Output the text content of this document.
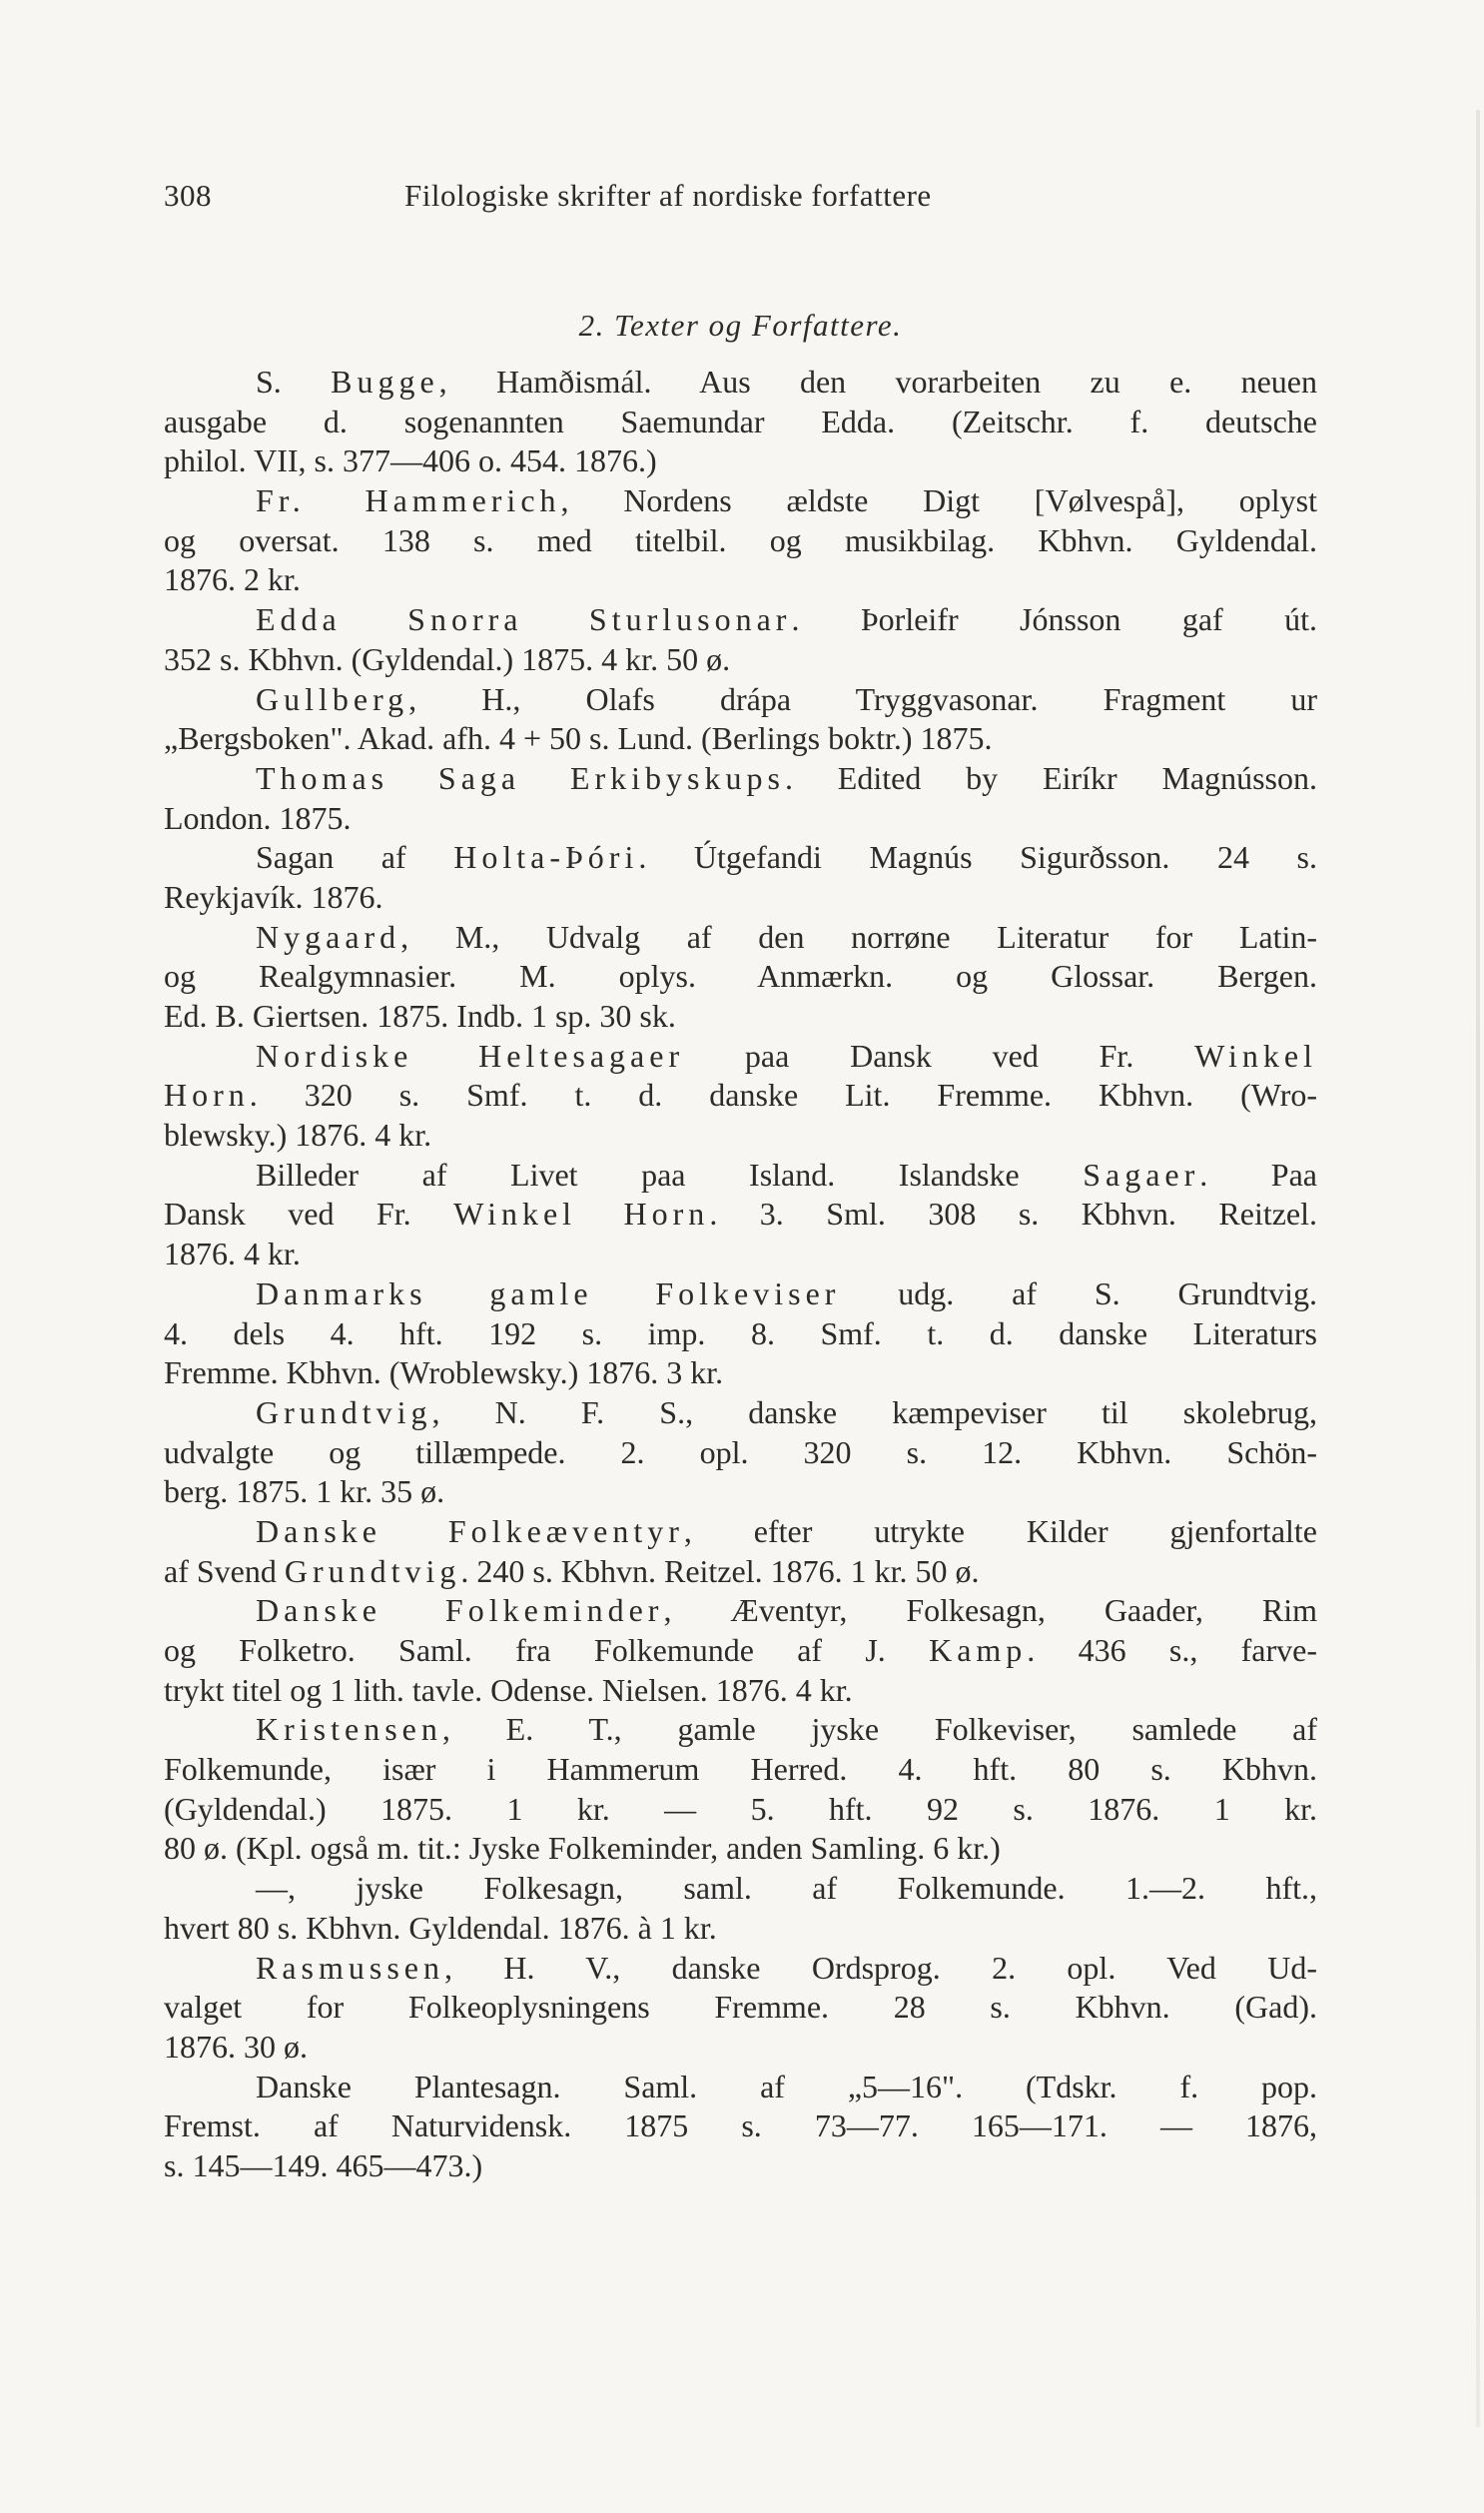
308	Filologiske skrifter af nordiske forfattere
2. Texter og Forfattere.
S. Bugge, Hamðismál. Aus den vorarbeiten zu e. neuen
ausgabe d. sogenannten Saemundar Edda. (Zeitschr. f. deutsche
philol. VII, s. 377—406 o. 454. 1876.)
Fr. Hammerich, Nordens ældste Digt [Vølvespå], oplyst
og oversat. 138 s. med titelbil. og musikbilag. Kbhvn. Gyldendal.
1876. 2 kr.
Edda Snorra Sturlusonar. Þorleifr Jónsson gaf út.
352 s. Kbhvn. (Gyldendal.) 1875. 4 kr. 50 ø.
Gullberg, H., Olafs drápa Tryggvasonar. Fragment ur
„Bergsboken". Akad. afh. 4 + 50 s. Lund. (Berlings boktr.) 1875.
Thomas Saga Erkibyskups. Edited by Eiríkr Magnússon.
London. 1875.
Sagan af Holta-Þóri. Útgefandi Magnús Sigurðsson. 24 s.
Reykjavík. 1876.
Nygaard, M., Udvalg af den norrøne Literatur for Latin-
og Realgymnasier. M. oplys. Anmærkn. og Glossar. Bergen.
Ed. B. Giertsen. 1875. Indb. 1 sp. 30 sk.
Nordiske Heltesagaer paa Dansk ved Fr. Winkel
Horn. 320 s. Smf. t. d. danske Lit. Fremme. Kbhvn. (Wro-
blewsky.) 1876. 4 kr.
Billeder af Livet paa Island. Islandske Sagaer. Paa
Dansk ved Fr. Winkel Horn. 3. Sml. 308 s. Kbhvn. Reitzel.
1876. 4 kr.
Danmarks gamle Folkeviser udg. af S. Grundtvig.
4. dels 4. hft. 192 s. imp. 8. Smf. t. d. danske Literaturs
Fremme. Kbhvn. (Wroblewsky.) 1876. 3 kr.
Grundtvig, N. F. S., danske kæmpeviser til skolebrug,
udvalgte og tillæmpede. 2. opl. 320 s. 12. Kbhvn. Schön-
berg. 1875. 1 kr. 35 ø.
Danske Folkeæventyr, efter utrykte Kilder gjenfortalte
af Svend Grundtvig. 240 s. Kbhvn. Reitzel. 1876. 1 kr. 50 ø.
Danske Folkeminder, Æventyr, Folkesagn, Gaader, Rim
og Folketro. Saml. fra Folkemunde af J. Kamp. 436 s., farve-
trykt titel og 1 lith. tavle. Odense. Nielsen. 1876. 4 kr.
Kristensen, E. T., gamle jyske Folkeviser, samlede af
Folkemunde, især i Hammerum Herred. 4. hft. 80 s. Kbhvn.
(Gyldendal.) 1875. 1 kr. — 5. hft. 92 s. 1876. 1 kr.
80 ø. (Kpl. også m. tit.: Jyske Folkeminder, anden Samling. 6 kr.)
—, jyske Folkesagn, saml. af Folkemunde. 1.—2. hft.,
hvert 80 s. Kbhvn. Gyldendal. 1876. à 1 kr.
Rasmussen, H. V., danske Ordsprog. 2. opl. Ved Ud-
valget for Folkeoplysningens Fremme. 28 s. Kbhvn. (Gad).
1876. 30 ø.
Danske Plantesagn. Saml. af „5—16". (Tdskr. f. pop.
Fremst. af Naturvidensk. 1875 s. 73—77. 165—171. — 1876,
s. 145—149. 465—473.)
